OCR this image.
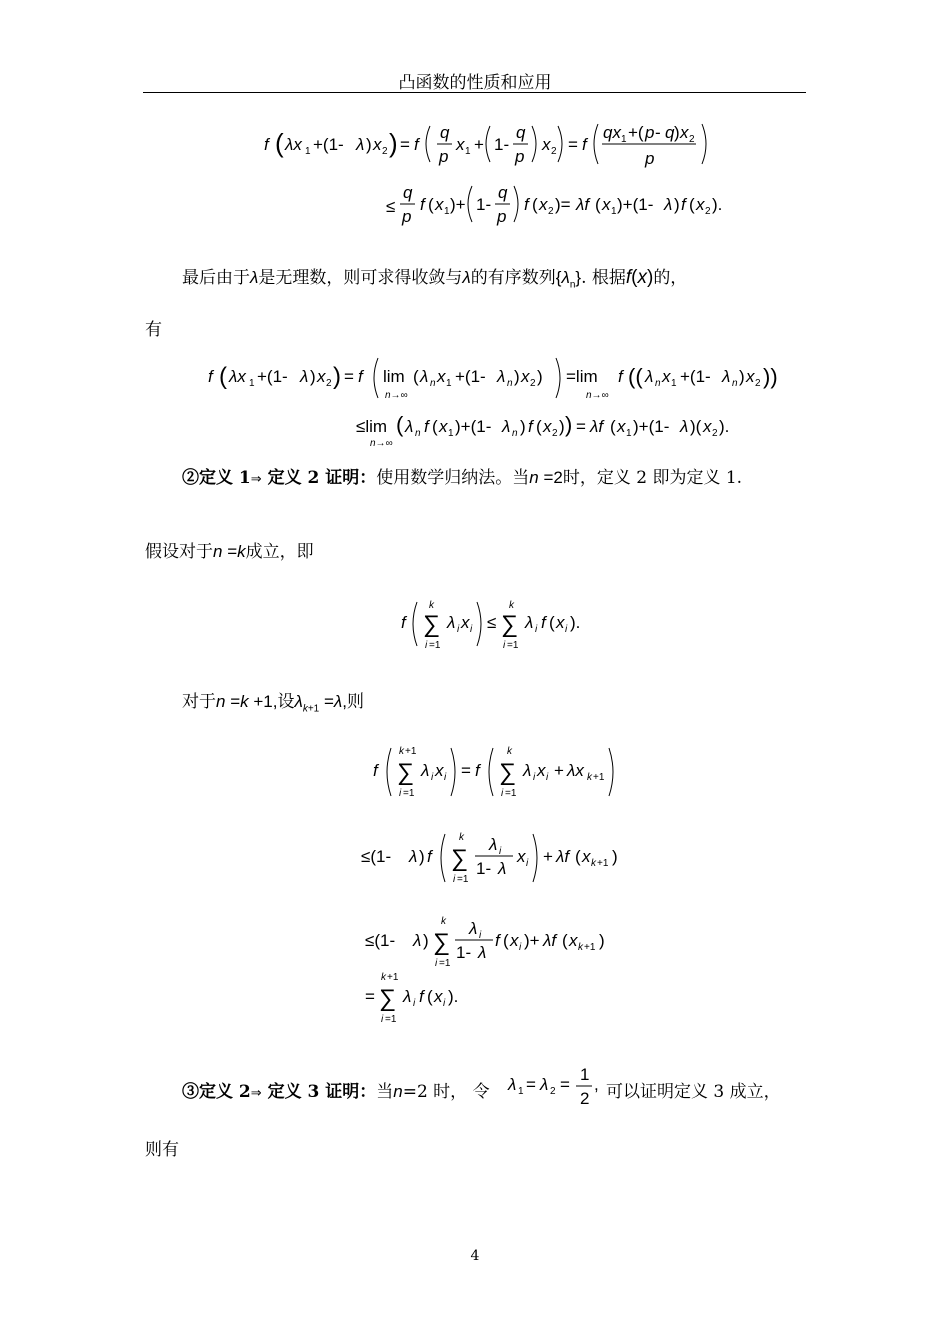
凸函数的性质和应用
f ( λx 1 +(1- λ ) x 2 ) = f
q
p
x 1 + 1-
q
p
x 2 = f
qx 1 +( p - q ) x 2
p
≤
q
p
f ( x 1 )+ 1-
q
p
f ( x 2 )= λf ( x 1 )+(1- λ ) f ( x 2 ).
最后由于λ是无理数，则可求得收敛与λ的有序数列$\{\lambda_n\}$. 根据f(x)的，
有
f ( λx 1 +(1- λ ) x 2 ) = f lim
n→∞
( λ n x 1 +(1- λ n ) x 2 ) =lim
n→∞
f (( λ n x 1 +(1- λ n ) x 2 ))
≤lim
n→∞
( λ n f ( x 1 )+(1- λ n ) f ( x 2 ) ) = λf ( x 1 )+(1- λ )( x 2 ).
②定义 1⇒ 定义 2 证明：使用数学归纳法。当n =2时，定义 2 即为定义 1.
假设对于n =k成立，即
f
k
∑
i =1
λ i x i ≤
k
∑
i =1
λ i f ( x i ).
对于n =k +1,设$\lambda_{k+1} =\lambda$,则
f
k +1
∑
i =1
λ i x i = f
k
∑
i =1
λ i x i + λx k +1
≤(1- λ ) f
k
∑
i =1
λ i
1- λ
x i + λf ( x k +1 )
≤(1- λ )
k
∑
i =1
λ i
1- λ
f ( x i )+ λf ( x k +1 )
=
k +1
∑
i =1
λ i f ( x i ).
③定义 2⇒ 定义 3 证明：当n=2 时， 令 λ 1 = λ 2 =
1
2
, 可以证明定义 3 成立，
则有
4
